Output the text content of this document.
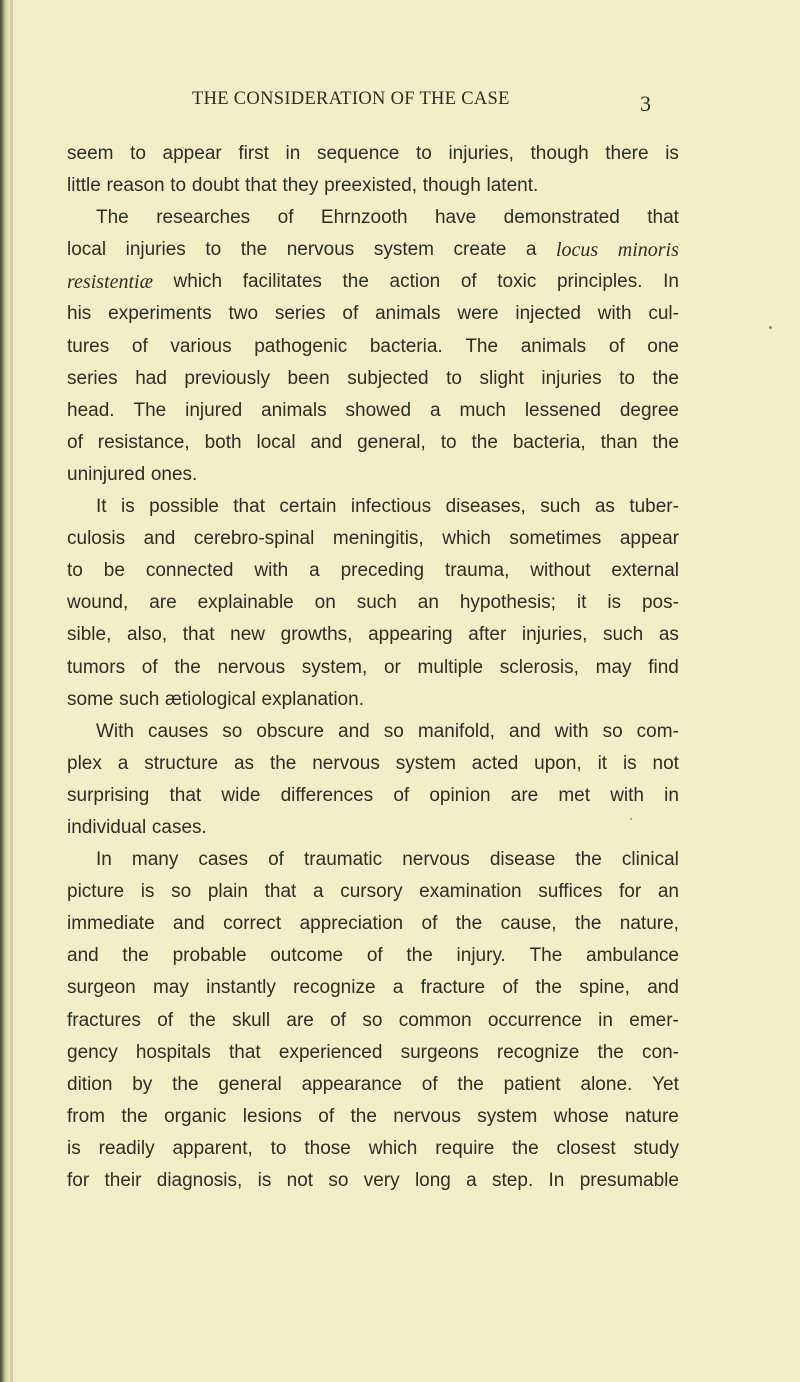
THE CONSIDERATION OF THE CASE	3
seem to appear first in sequence to injuries, though there is
little reason to doubt that they preexisted, though latent.
The researches of Ehrnzooth have demonstrated that
local injuries to the nervous system create a locus minoris
resistentiæ which facilitates the action of toxic principles. In
his experiments two series of animals were injected with cul-
tures of various pathogenic bacteria. The animals of one
series had previously been subjected to slight injuries to the
head. The injured animals showed a much lessened degree
of resistance, both local and general, to the bacteria, than the
uninjured ones.
It is possible that certain infectious diseases, such as tuber-
culosis and cerebro-spinal meningitis, which sometimes appear
to be connected with a preceding trauma, without external
wound, are explainable on such an hypothesis; it is pos-
sible, also, that new growths, appearing after injuries, such as
tumors of the nervous system, or multiple sclerosis, may find
some such ætiological explanation.
With causes so obscure and so manifold, and with so com-
plex a structure as the nervous system acted upon, it is not
surprising that wide differences of opinion are met with in
individual cases.
In many cases of traumatic nervous disease the clinical
picture is so plain that a cursory examination suffices for an
immediate and correct appreciation of the cause, the nature,
and the probable outcome of the injury. The ambulance
surgeon may instantly recognize a fracture of the spine, and
fractures of the skull are of so common occurrence in emer-
gency hospitals that experienced surgeons recognize the con-
dition by the general appearance of the patient alone. Yet
from the organic lesions of the nervous system whose nature
is readily apparent, to those which require the closest study
for their diagnosis, is not so very long a step. In presumable
